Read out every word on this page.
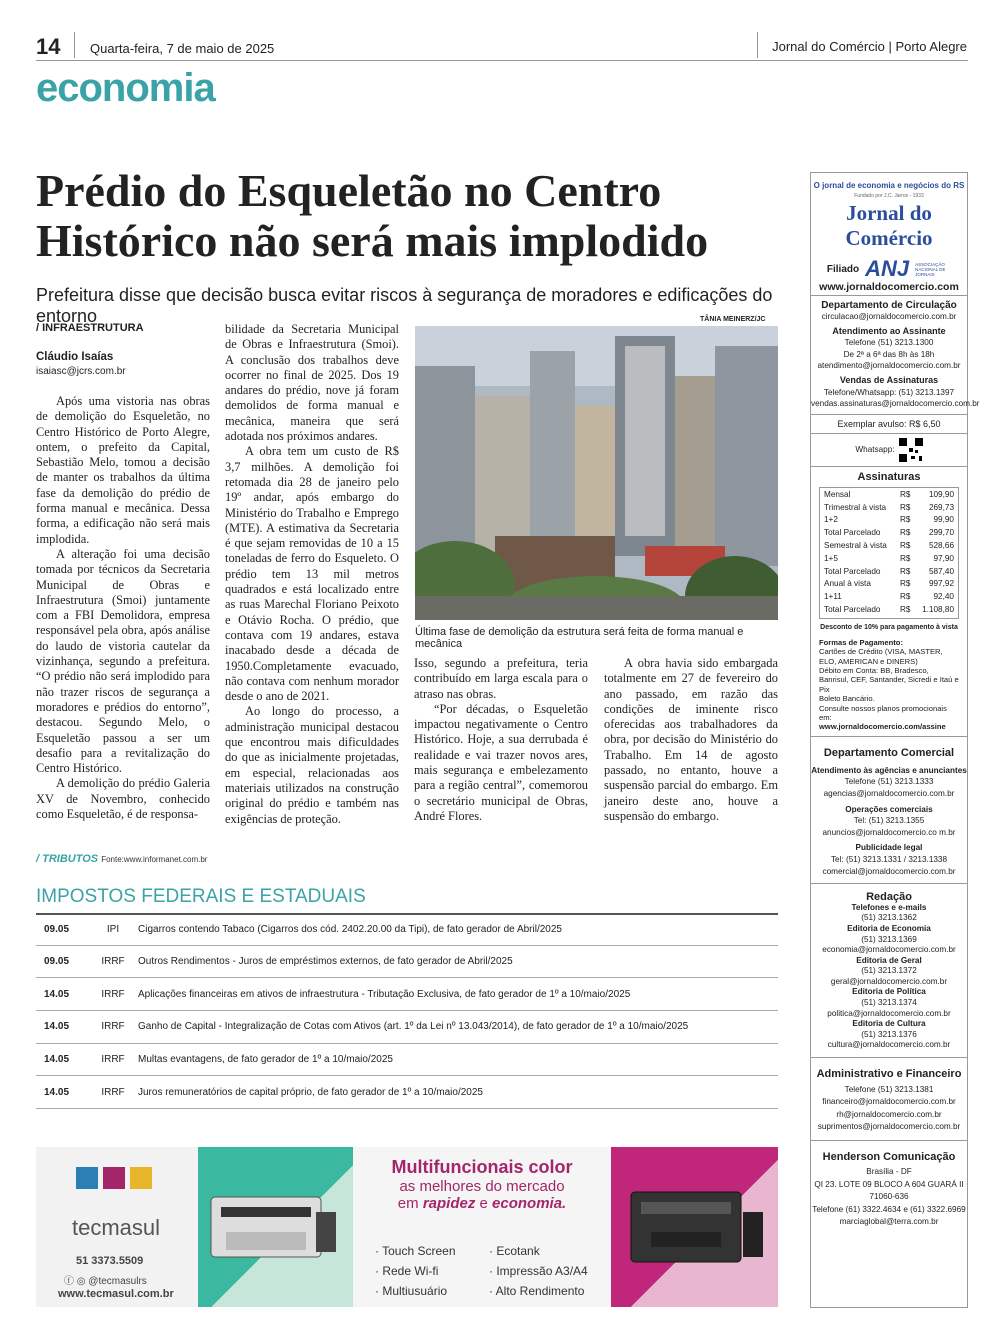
14 Quarta-feira, 7 de maio de 2025	Jornal do Comércio | Porto Alegre
economia
Prédio do Esqueletão no Centro Histórico não será mais implodido
Prefeitura disse que decisão busca evitar riscos à segurança de moradores e edificações do entorno
/ INFRAESTRUTURA
Cláudio Isaías
isaiasc@jcrs.com.br

Após uma vistoria nas obras de demolição do Esqueletão, no Centro Histórico de Porto Alegre, ontem, o prefeito da Capital, Sebastião Melo, tomou a decisão de manter os trabalhos da última fase da demolição do prédio de forma manual e mecânica. Dessa forma, a edificação não será mais implodida.

A alteração foi uma decisão tomada por técnicos da Secretaria Municipal de Obras e Infraestrutura (Smoi) juntamente com a FBI Demolidora, empresa responsável pela obra, após análise do laudo de vistoria cautelar da vizinhança, segundo a prefeitura. “O prédio não será implodido para não trazer riscos de segurança a moradores e prédios do entorno”, destacou. Segundo Melo, o Esqueletão passou a ser um desafio para a revitalização do Centro Histórico.

A demolição do prédio Galeria XV de Novembro, conhecido como Esqueletão, é de responsa-

bilidade da Secretaria Municipal de Obras e Infraestrutura (Smoi). A conclusão dos trabalhos deve ocorrer no final de 2025. Dos 19 andares do prédio, nove já foram demolidos de forma manual e mecânica, maneira que será adotada nos próximos andares.

A obra tem um custo de R$ 3,7 milhões. A demolição foi retomada dia 28 de janeiro pelo 19º andar, após embargo do Ministério do Trabalho e Emprego (MTE). A estimativa da Secretaria é que sejam removidas de 10 a 15 toneladas de ferro do Esqueleto. O prédio tem 13 mil metros quadrados e está localizado entre as ruas Marechal Floriano Peixoto e Otávio Rocha. O prédio, que contava com 19 andares, estava inacabado desde a década de 1950.Completamente evacuado, não contava com nenhum morador desde o ano de 2021.

Ao longo do processo, a administração municipal destacou que encontrou mais dificuldades do que as inicialmente projetadas, em especial, relacionadas aos materiais utilizados na construção original do prédio e também nas exigências de proteção.

TÂNIA MEINERZ/JC
Última fase de demolição da estrutura será feita de forma manual e mecânica

Isso, segundo a prefeitura, teria contribuído em larga escala para o atraso nas obras.

“Por décadas, o Esqueletão impactou negativamente o Centro Histórico. Hoje, a sua derrubada é realidade e vai trazer novos ares, mais segurança e embelezamento para a região central”, comemorou o secretário municipal de Obras, André Flores.

A obra havia sido embargada totalmente em 27 de fevereiro do ano passado, em razão das condições de iminente risco oferecidas aos trabalhadores da obra, por decisão do Ministério do Trabalho. Em 14 de agosto passado, no entanto, houve a suspensão parcial do embargo. Em janeiro deste ano, houve a suspensão do embargo.

/ TRIBUTOS Fonte:www.informanet.com.br
IMPOSTOS FEDERAIS E ESTADUAIS
09.05	IPI	Cigarros contendo Tabaco (Cigarros dos cód. 2402.20.00 da Tipi), de fato gerador de Abril/2025
09.05	IRRF	Outros Rendimentos - Juros de empréstimos externos, de fato gerador de Abril/2025
14.05	IRRF	Aplicações financeiras em ativos de infraestrutura - Tributação Exclusiva, de fato gerador de 1º a 10/maio/2025
14.05	IRRF	Ganho de Capital - Integralização de Cotas com Ativos (art. 1º da Lei nº 13.043/2014), de fato gerador de 1º a 10/maio/2025
14.05	IRRF	Multas evantagens, de fato gerador de 1º a 10/maio/2025
14.05	IRRF	Juros remuneratórios de capital próprio, de fato gerador de 1º a 10/maio/2025
tecmasul
51 3373.5509
ⓕ ◎ @tecmasulrs
www.tecmasul.com.br
Multifuncionais color
as melhores do mercado
em rapidez e economia.
· Touch Screen
· Rede Wi-fi
· Multiusuário
· Ecotank
· Impressão A3/A4
· Alto Rendimento
O jornal de economia e negócios do RS
Fundado por J.C. Jarros - 1933
Jornal do Comércio
Filiado ANJ ASSOCIAÇÃO NACIONAL DE JORNAIS
www.jornaldocomercio.com
Departamento de Circulação
circulacao@jornaldocomercio.com.br
Atendimento ao Assinante
Telefone (51) 3213.1300
De 2ª a 6ª das 8h às 18h
atendimento@jornaldocomercio.com.br
Vendas de Assinaturas
Telefone/Whatsapp: (51) 3213.1397
vendas.assinaturas@jornaldocomercio.com.br
Exemplar avulso: R$ 6,50
Whatsapp:
Assinaturas
Mensal	R$	109,90
Trimestral à vista	R$	269,73
1+2	R$	99,90
Total Parcelado	R$	299,70
Semestral à vista	R$	528,66
1+5	R$	97,90
Total Parcelado	R$	587,40
Anual à vista	R$	997,92
1+11	R$	92,40
Total Parcelado	R$	1.108,80
Desconto de 10% para pagamento à vista
Formas de Pagamento:
Cartões de Crédito (VISA, MASTER, ELO, AMERICAN e DINERS)
Débito em Conta: BB, Bradesco, Banrisul, CEF, Santander, Sicredi e Itaú e Pix
Boleto Bancário.
Consulte nossos planos promocionais em:
www.jornaldocomercio.com/assine
Departamento Comercial
Atendimento às agências e anunciantes
Telefone (51) 3213.1333
agencias@jornaldocomercio.com.br
Operações comerciais
Tel: (51) 3213.1355
anuncios@jornaldocomercio.co m.br
Publicidade legal
Tel: (51) 3213.1331 / 3213.1338
comercial@jornaldocomercio.com.br
Redação
Telefones e e-mails
(51) 3213.1362
Editoria de Economia
(51) 3213.1369
economia@jornaldocomercio.com.br
Editoria de Geral
(51) 3213.1372
geral@jornaldocomercio.com.br
Editoria de Política
(51) 3213.1374
politica@jornaldocomercio.com.br
Editoria de Cultura
(51) 3213.1376
cultura@jornaldocomercio.com.br
Administrativo e Financeiro
Telefone (51) 3213.1381
financeiro@jornaldocomercio.com.br
rh@jornaldocomercio.com.br
suprimentos@jornaldocomercio.com.br
Henderson Comunicação
Brasília - DF
QI 23. LOTE 09 BLOCO A 604 GUARÁ II
71060-636
Telefone (61) 3322.4634 e (61) 3322.6969
marciaglobal@terra.com.br
